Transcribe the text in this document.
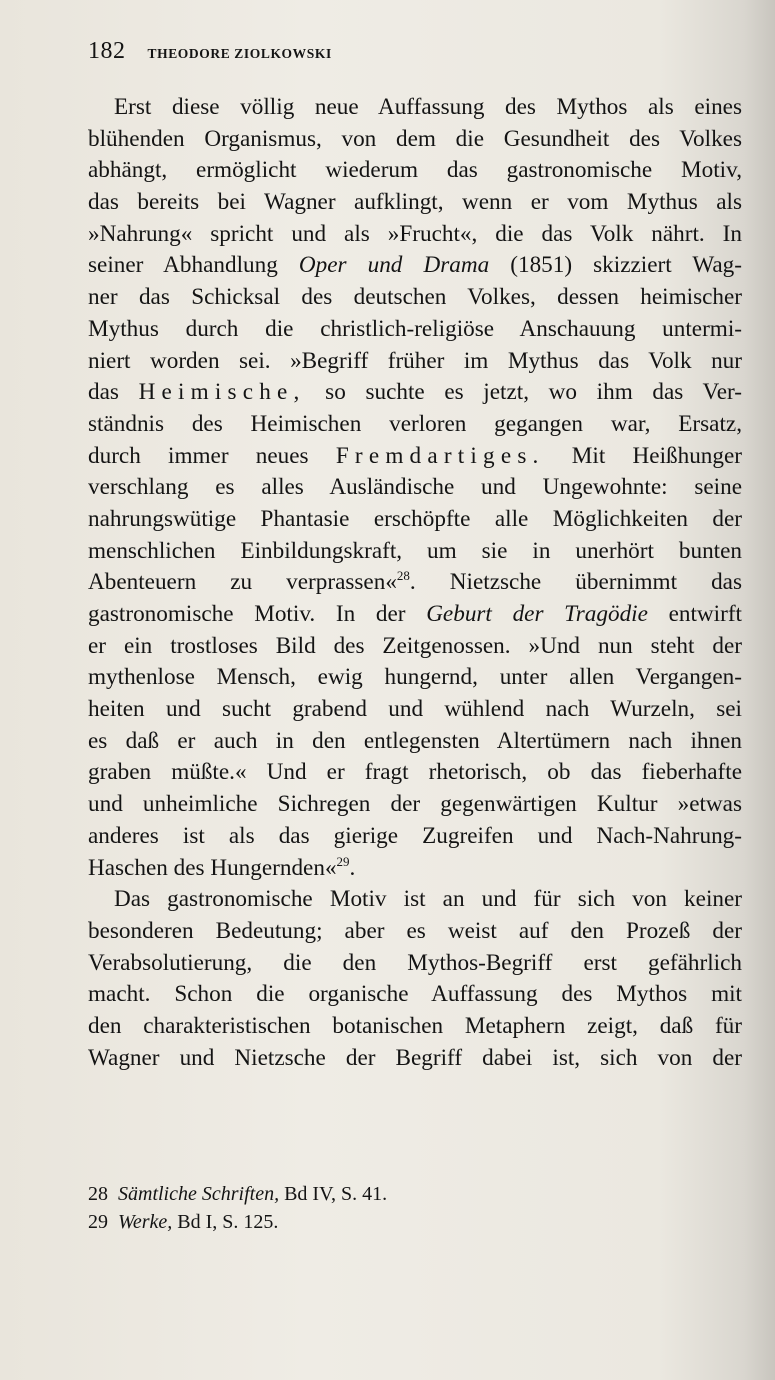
182 THEODORE ZIOLKOWSKI
Erst diese völlig neue Auffassung des Mythos als eines
blühenden Organismus, von dem die Gesundheit des Volkes
abhängt, ermöglicht wiederum das gastronomische Motiv,
das bereits bei Wagner aufklingt, wenn er vom Mythus als
»Nahrung« spricht und als »Frucht«, die das Volk nährt. In
seiner Abhandlung Oper und Drama (1851) skizziert Wag-
ner das Schicksal des deutschen Volkes, dessen heimischer
Mythus durch die christlich-religiöse Anschauung untermi-
niert worden sei. »Begriff früher im Mythus das Volk nur
das Heimische, so suchte es jetzt, wo ihm das Ver-
ständnis des Heimischen verloren gegangen war, Ersatz,
durch immer neues Fremdartiges. Mit Heißhunger
verschlang es alles Ausländische und Ungewohnte: seine
nahrungswütige Phantasie erschöpfte alle Möglichkeiten der
menschlichen Einbildungskraft, um sie in unerhört bunten
Abenteuern zu verprassen«$^{28}$. Nietzsche übernimmt das
gastronomische Motiv. In der Geburt der Tragödie entwirft
er ein trostloses Bild des Zeitgenossen. »Und nun steht der
mythenlose Mensch, ewig hungernd, unter allen Vergangen-
heiten und sucht grabend und wühlend nach Wurzeln, sei
es daß er auch in den entlegensten Altertümern nach ihnen
graben müßte.« Und er fragt rhetorisch, ob das fieberhafte
und unheimliche Sichregen der gegenwärtigen Kultur »etwas
anderes ist als das gierige Zugreifen und Nach-Nahrung-
Haschen des Hungernden«$^{29}$.
Das gastronomische Motiv ist an und für sich von keiner
besonderen Bedeutung; aber es weist auf den Prozeß der
Verabsolutierung, die den Mythos-Begriff erst gefährlich
macht. Schon die organische Auffassung des Mythos mit
den charakteristischen botanischen Metaphern zeigt, daß für
Wagner und Nietzsche der Begriff dabei ist, sich von der
28 Sämtliche Schriften, Bd IV, S. 41.
29 Werke, Bd I, S. 125.
